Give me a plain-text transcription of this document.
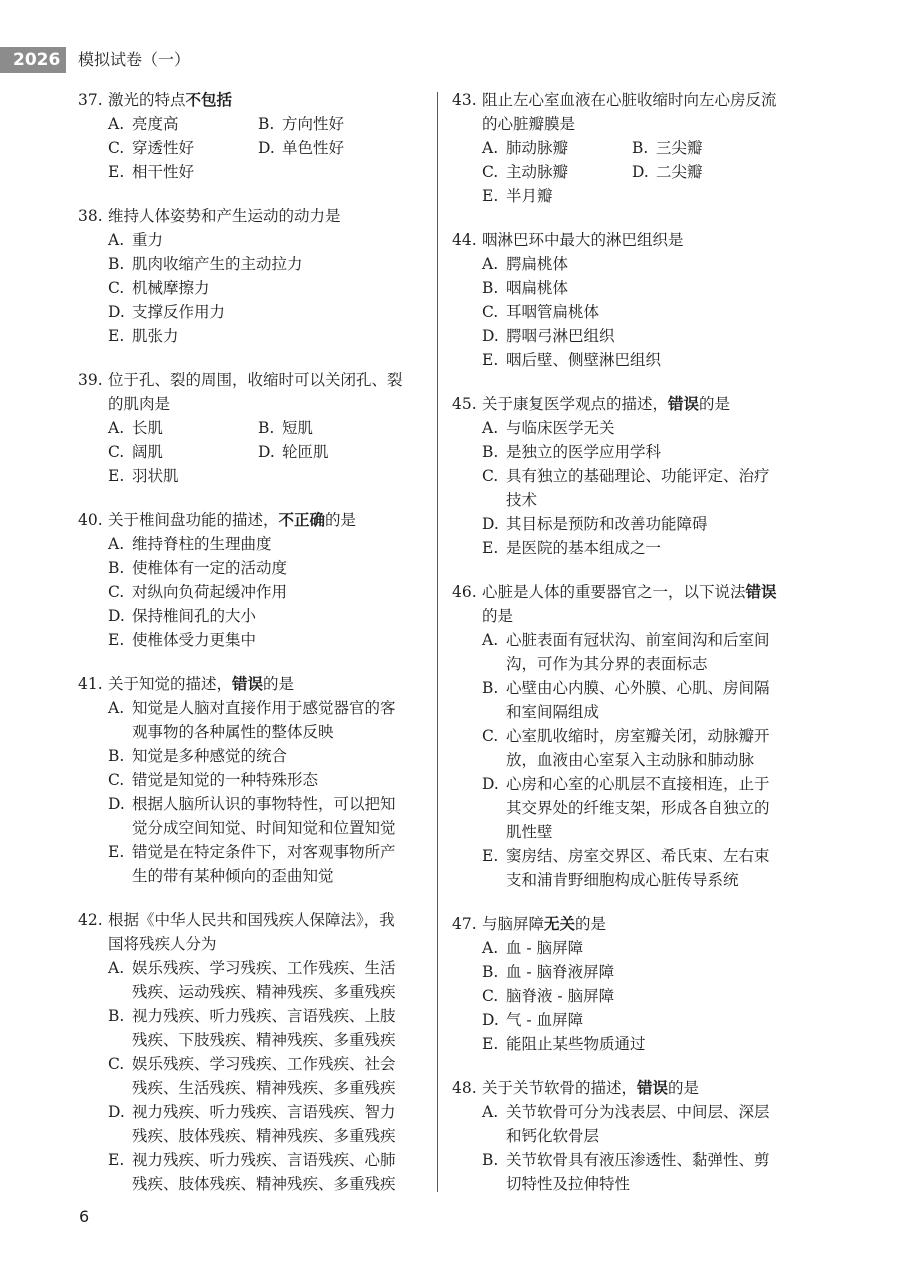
2026	模拟试卷（一）
37. 激光的特点不包括
A. 亮度高	B. 方向性好
C. 穿透性好	D. 单色性好
E. 相干性好
38. 维持人体姿势和产生运动的动力是
A. 重力
B. 肌肉收缩产生的主动拉力
C. 机械摩擦力
D. 支撑反作用力
E. 肌张力
39. 位于孔、裂的周围，收缩时可以关闭孔、裂的肌肉是
A. 长肌	B. 短肌
C. 阔肌	D. 轮匝肌
E. 羽状肌
40. 关于椎间盘功能的描述，不正确的是
A. 维持脊柱的生理曲度
B. 使椎体有一定的活动度
C. 对纵向负荷起缓冲作用
D. 保持椎间孔的大小
E. 使椎体受力更集中
41. 关于知觉的描述，错误的是
A. 知觉是人脑对直接作用于感觉器官的客观事物的各种属性的整体反映
B. 知觉是多种感觉的统合
C. 错觉是知觉的一种特殊形态
D. 根据人脑所认识的事物特性，可以把知觉分成空间知觉、时间知觉和位置知觉
E. 错觉是在特定条件下，对客观事物所产生的带有某种倾向的歪曲知觉
42. 根据《中华人民共和国残疾人保障法》，我国将残疾人分为
A. 娱乐残疾、学习残疾、工作残疾、生活残疾、运动残疾、精神残疾、多重残疾
B. 视力残疾、听力残疾、言语残疾、上肢残疾、下肢残疾、精神残疾、多重残疾
C. 娱乐残疾、学习残疾、工作残疾、社会残疾、生活残疾、精神残疾、多重残疾
D. 视力残疾、听力残疾、言语残疾、智力残疾、肢体残疾、精神残疾、多重残疾
E. 视力残疾、听力残疾、言语残疾、心肺残疾、肢体残疾、精神残疾、多重残疾
43. 阻止左心室血液在心脏收缩时向左心房反流的心脏瓣膜是
A. 肺动脉瓣	B. 三尖瓣
C. 主动脉瓣	D. 二尖瓣
E. 半月瓣
44. 咽淋巴环中最大的淋巴组织是
A. 腭扁桃体
B. 咽扁桃体
C. 耳咽管扁桃体
D. 腭咽弓淋巴组织
E. 咽后壁、侧壁淋巴组织
45. 关于康复医学观点的描述，错误的是
A. 与临床医学无关
B. 是独立的医学应用学科
C. 具有独立的基础理论、功能评定、治疗技术
D. 其目标是预防和改善功能障碍
E. 是医院的基本组成之一
46. 心脏是人体的重要器官之一，以下说法错误的是
A. 心脏表面有冠状沟、前室间沟和后室间沟，可作为其分界的表面标志
B. 心壁由心内膜、心外膜、心肌、房间隔和室间隔组成
C. 心室肌收缩时，房室瓣关闭，动脉瓣开放，血液由心室泵入主动脉和肺动脉
D. 心房和心室的心肌层不直接相连，止于其交界处的纤维支架，形成各自独立的肌性壁
E. 窦房结、房室交界区、希氏束、左右束支和浦肯野细胞构成心脏传导系统
47. 与脑屏障无关的是
A. 血 - 脑屏障
B. 血 - 脑脊液屏障
C. 脑脊液 - 脑屏障
D. 气 - 血屏障
E. 能阻止某些物质通过
48. 关于关节软骨的描述，错误的是
A. 关节软骨可分为浅表层、中间层、深层和钙化软骨层
B. 关节软骨具有液压渗透性、黏弹性、剪切特性及拉伸特性
6
